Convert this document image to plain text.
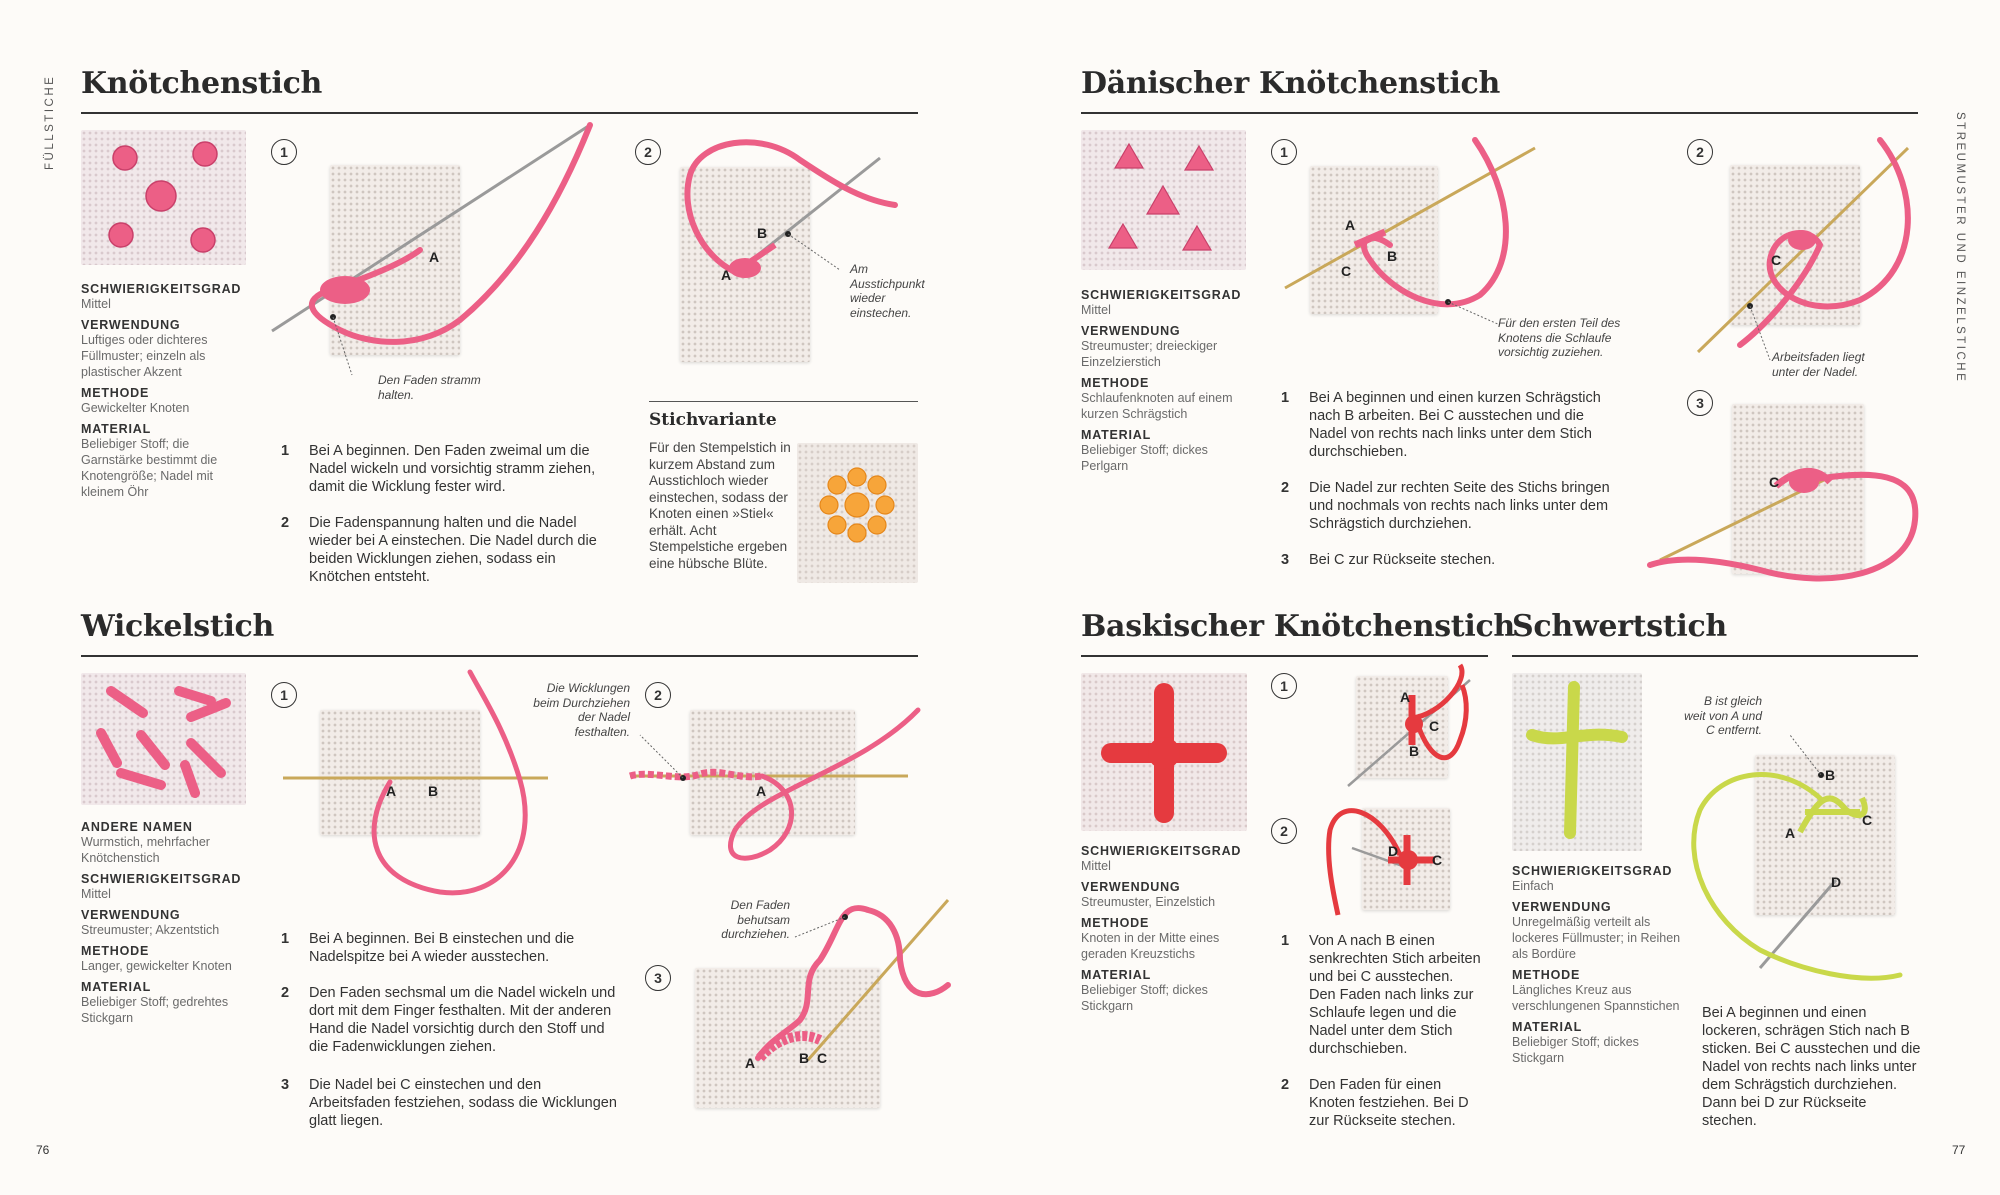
FÜLLSTICHE	STREUMUSTER UND EINZELSTICHE
76	77
Knötchenstich
SCHWIERIGKEITSGRAD
Mittel
VERWENDUNG
Luftiges oder dichteres Füllmuster; einzeln als plastischer Akzent
METHODE
Gewickelter Knoten
MATERIAL
Beliebiger Stoff; die Garnstärke bestimmt die Knotengröße; Nadel mit kleinem Öhr
1
A
Den Faden stramm halten.
2
B
A	Am Ausstichpunkt wieder einstechen.
1	Bei A beginnen. Den Faden zweimal um die Nadel wickeln und vorsichtig stramm ziehen, damit die Wicklung fester wird.
2	Die Fadenspannung halten und die Nadel wieder bei A einstechen. Die Nadel durch die beiden Wicklungen ziehen, sodass ein Knötchen entsteht.
Stichvariante
Für den Stempelstich in kurzem Abstand zum Ausstichloch wieder einstechen, sodass der Knoten einen »Stiel« erhält. Acht Stempelstiche ergeben eine hübsche Blüte.
Dänischer Knötchenstich
SCHWIERIGKEITSGRAD
Mittel
VERWENDUNG
Streumuster; dreieckiger Einzelzierstich
METHODE
Schlaufenknoten auf einem kurzen Schrägstich
MATERIAL
Beliebiger Stoff; dickes Perlgarn
1
A
B
C
Für den ersten Teil des Knotens die Schlaufe vorsichtig zuziehen.
2
C
Arbeitsfaden liegt unter der Nadel.
3
C
1	Bei A beginnen und einen kurzen Schrägstich nach B arbeiten. Bei C ausstechen und die Nadel von rechts nach links unter dem Stich durchschieben.
2	Die Nadel zur rechten Seite des Stichs bringen und nochmals von rechts nach links unter dem Schrägstich durchziehen.
3	Bei C zur Rückseite stechen.
Wickelstich
ANDERE NAMEN
Wurmstich, mehrfacher Knötchenstich
SCHWIERIGKEITSGRAD
Mittel
VERWENDUNG
Streumuster; Akzentstich
METHODE
Langer, gewickelter Knoten
MATERIAL
Beliebiger Stoff; gedrehtes Stickgarn
1
A B
2
Die Wicklungen beim Durchziehen der Nadel festhalten.
A
Den Faden behutsam durchziehen.
3
A	B C
1	Bei A beginnen. Bei B einstechen und die Nadelspitze bei A wieder ausstechen.
2	Den Faden sechsmal um die Nadel wickeln und dort mit dem Finger festhalten. Mit der anderen Hand die Nadel vorsichtig durch den Stoff und die Fadenwicklungen ziehen.
3	Die Nadel bei C einstechen und den Arbeitsfaden festziehen, sodass die Wicklungen glatt liegen.
Baskischer Knötchenstich
SCHWIERIGKEITSGRAD
Mittel
VERWENDUNG
Streumuster, Einzelstich
METHODE
Knoten in der Mitte eines geraden Kreuzstichs
MATERIAL
Beliebiger Stoff; dickes Stickgarn
1
A
C
B
2
D
C
1	Von A nach B einen senkrechten Stich arbeiten und bei C ausstechen. Den Faden nach links zur Schlaufe legen und die Nadel unter dem Stich durchschieben.
2	Den Faden für einen Knoten festziehen. Bei D zur Rückseite stechen.
Schwertstich
SCHWIERIGKEITSGRAD
Einfach
VERWENDUNG
Unregelmäßig verteilt als lockeres Füllmuster; in Reihen als Bordüre
METHODE
Längliches Kreuz aus verschlungenen Spannstichen
MATERIAL
Beliebiger Stoff; dickes Stickgarn
B ist gleich weit von A und C entfernt.
B
A
C
D
Bei A beginnen und einen lockeren, schrägen Stich nach B sticken. Bei C ausstechen und die Nadel von rechts nach links unter dem Schrägstich durchziehen. Dann bei D zur Rückseite stechen.
